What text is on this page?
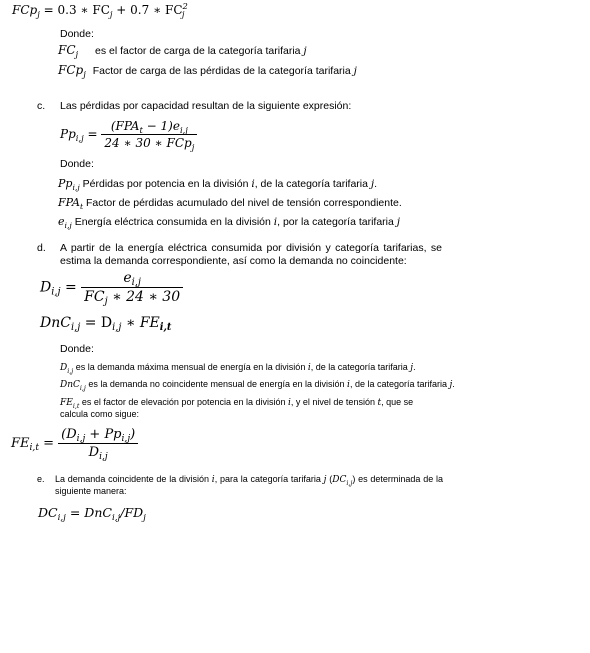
FCp$_j$ = 0.3 ∗ $FC_j + 0.7$ ∗ $FC^2_j$
Donde:
$FC_j$ es el factor de carga de la categoría tarifaria j
FCp$_j$ Factor de carga de las pérdidas de la categoría tarifaria j
c. Las pérdidas por capacidad resultan de la siguiente expresión:
$Pp_{i,j} = \frac{(FPA_t - 1)e_{i,j}}{24 ∗ 30 ∗ FCp_j}$
Donde:
$Pp_{i,j}$ Pérdidas por potencia en la división i, de la categoría tarifaria j.
$FPA_t$ Factor de pérdidas acumulado del nivel de tensión correspondiente.
$e_{i,j}$ Energía eléctrica consumida en la división i, por la categoría tarifaria j
d. A partir de la energía eléctrica consumida por división y categoría tarifarias, se estima la demanda correspondiente, así como la demanda no coincidente:
$D_{i,j} = \frac{e_{i,j}}{FC_j ∗ 24 ∗ 30}$
$DnC_{i,j} = D_{i,j}$ ∗ $FE_{i,t}$
Donde:
$D_{i,j}$ es la demanda máxima mensual de energía en la división i, de la categoría tarifaria j.
DnC$_{i,j}$ es la demanda no coincidente mensual de energía en la división i, de la categoría tarifaria j.
$FE_{i,t}$ es el factor de elevación por potencia en la división i, y el nivel de tensión t, que se calcula como sigue:
$FE_{i,t} = \frac{(D_{i,j} + Pp_{i,j})}{D_{i,j}}$
e. La demanda coincidente de la división i, para la categoría tarifaria j $(DC_{i,j})$ es determinada de la siguiente manera:
$DC_{i,j} = DnC_{i,j}/FD_j$
